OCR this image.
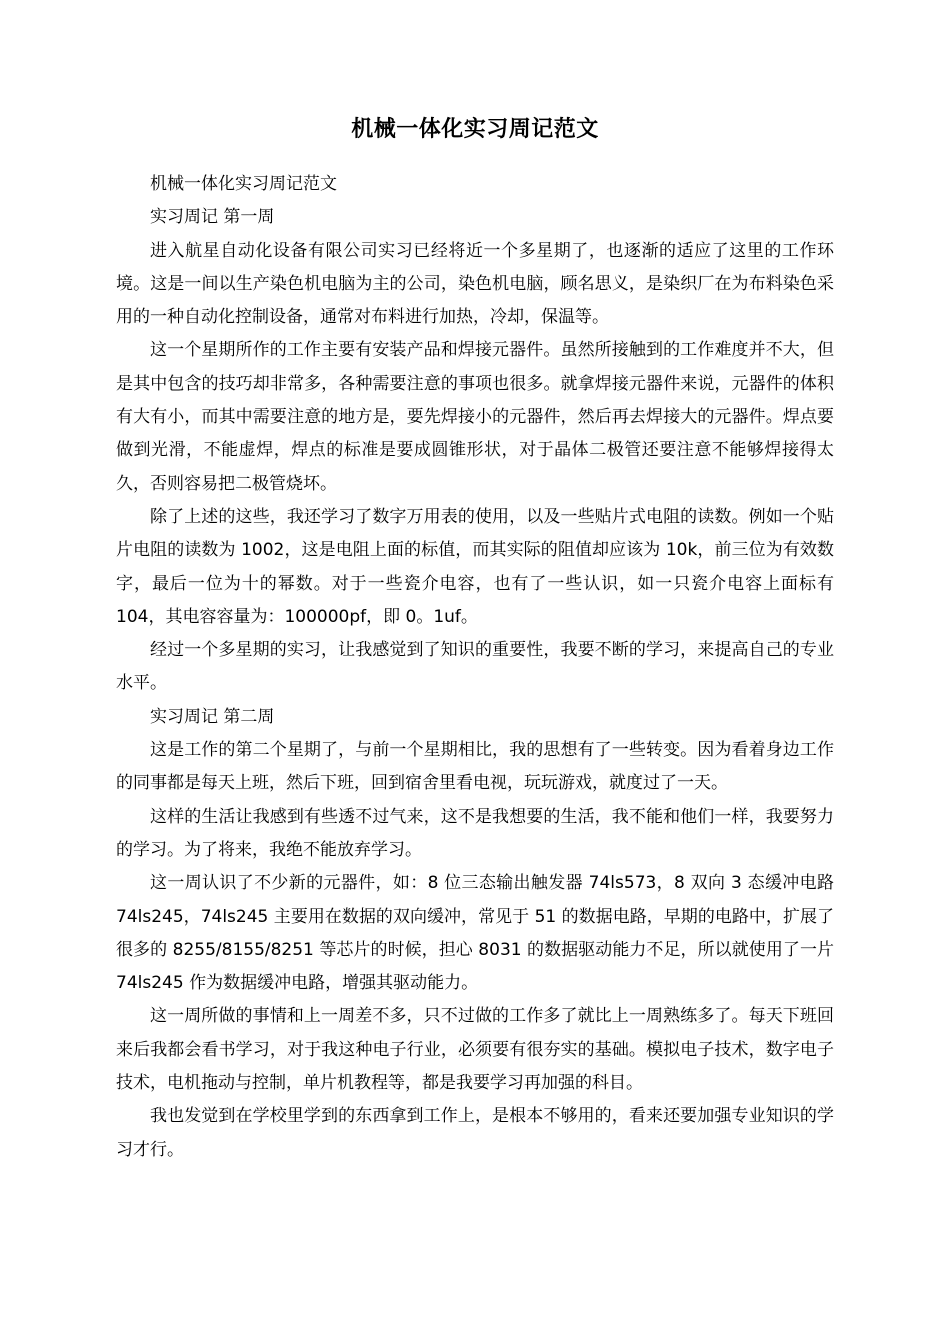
机械一体化实习周记范文

机械一体化实习周记范文

实习周记 第一周

进入航星自动化设备有限公司实习已经将近一个多星期了，也逐渐的适应了这里的工作环境。这是一间以生产染色机电脑为主的公司，染色机电脑，顾名思义，是染织厂在为布料染色采用的一种自动化控制设备，通常对布料进行加热，冷却，保温等。

这一个星期所作的工作主要有安装产品和焊接元器件。虽然所接触到的工作难度并不大，但是其中包含的技巧却非常多，各种需要注意的事项也很多。就拿焊接元器件来说，元器件的体积有大有小，而其中需要注意的地方是，要先焊接小的元器件，然后再去焊接大的元器件。焊点要做到光滑，不能虚焊，焊点的标准是要成圆锥形状，对于晶体二极管还要注意不能够焊接得太久，否则容易把二极管烧坏。

除了上述的这些，我还学习了数字万用表的使用，以及一些贴片式电阻的读数。例如一个贴片电阻的读数为 1002，这是电阻上面的标值，而其实际的阻值却应该为 10k，前三位为有效数字，最后一位为十的幂数。对于一些瓷介电容，也有了一些认识，如一只瓷介电容上面标有 104，其电容容量为：100000pf，即 0。1uf。

经过一个多星期的实习，让我感觉到了知识的重要性，我要不断的学习，来提高自己的专业水平。

实习周记 第二周

这是工作的第二个星期了，与前一个星期相比，我的思想有了一些转变。因为看着身边工作的同事都是每天上班，然后下班，回到宿舍里看电视，玩玩游戏，就度过了一天。

这样的生活让我感到有些透不过气来，这不是我想要的生活，我不能和他们一样，我要努力的学习。为了将来，我绝不能放弃学习。

这一周认识了不少新的元器件，如：8 位三态输出触发器 74ls573，8 双向 3 态缓冲电路 74ls245，74ls245 主要用在数据的双向缓冲，常见于 51 的数据电路，早期的电路中，扩展了很多的 8255/8155/8251 等芯片的时候，担心 8031 的数据驱动能力不足，所以就使用了一片 74ls245 作为数据缓冲电路，增强其驱动能力。

这一周所做的事情和上一周差不多，只不过做的工作多了就比上一周熟练多了。每天下班回来后我都会看书学习，对于我这种电子行业，必须要有很夯实的基础。模拟电子技术，数字电子技术，电机拖动与控制，单片机教程等，都是我要学习再加强的科目。

我也发觉到在学校里学到的东西拿到工作上，是根本不够用的，看来还要加强专业知识的学习才行。
